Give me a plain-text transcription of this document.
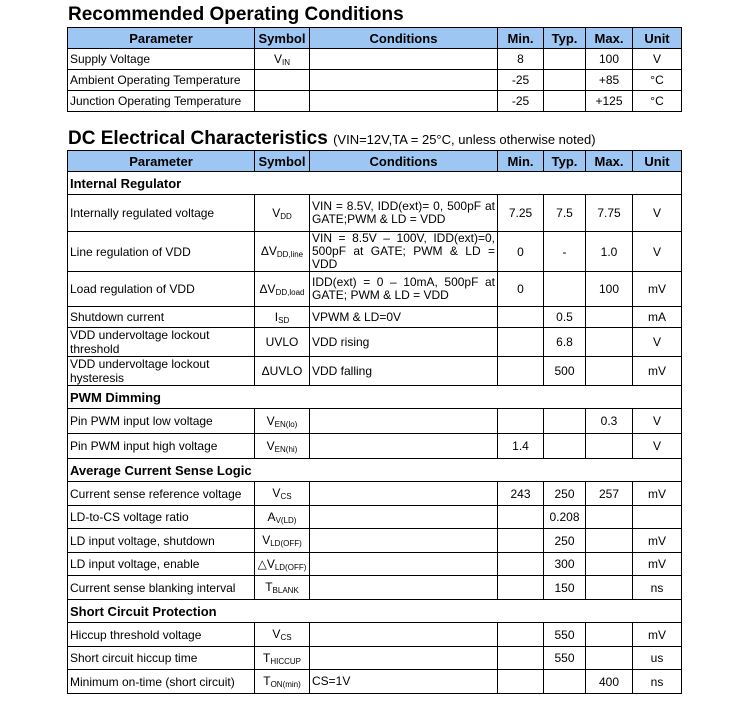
Recommended Operating Conditions
Parameter	Symbol	Conditions	Min.	Typ.	Max.	Unit
Supply Voltage	$V_{IN}$		8		100	V
Ambient Operating Temperature			-25		+85	°C
Junction Operating Temperature			-25		+125	°C
DC Electrical Characteristics (VIN=12V,TA = 25°C, unless otherwise noted)
Parameter	Symbol	Conditions	Min.	Typ.	Max.	Unit
Internal Regulator						
Internally regulated voltage	$V_{DD}$	VIN = 8.5V, IDD(ext)= 0, 500pF at GATE;PWM & LD = VDD	7.25	7.5	7.75	V
Line regulation of VDD	$\Delta V_{DD,line}$	VIN = 8.5V – 100V, IDD(ext)=0, 500pF at GATE; PWM & LD = VDD	0	-	1.0	V
Load regulation of VDD	$\Delta V_{DD,load}$	IDD(ext) = 0 – 10mA, 500pF at GATE; PWM & LD = VDD	0		100	mV
Shutdown current	$I_{SD}$	VPWM & LD=0V		0.5		mA
VDD undervoltage lockout threshold	UVLO	VDD rising		6.8		V
VDD undervoltage lockout hysteresis	ΔUVLO	VDD falling		500		mV
PWM Dimming						
Pin PWM input low voltage	$V_{EN(lo)}$				0.3	V
Pin PWM input high voltage	$V_{EN(hi)}$		1.4			V
Average Current Sense Logic						
Current sense reference voltage	$V_{CS}$		243	250	257	mV
LD-to-CS voltage ratio	$A_{V(LD)}$			0.208		
LD input voltage, shutdown	$V_{LD(OFF)}$			250		mV
LD input voltage, enable	$\triangle V_{LD(OFF)}$			300		mV
Current sense blanking interval	$T_{BLANK}$			150		ns
Short Circuit Protection						
Hiccup threshold voltage	$V_{CS}$			550		mV
Short circuit hiccup time	$T_{HICCUP}$			550		us
Minimum on-time (short circuit)	$T_{ON(min)}$	CS=1V			400	ns
